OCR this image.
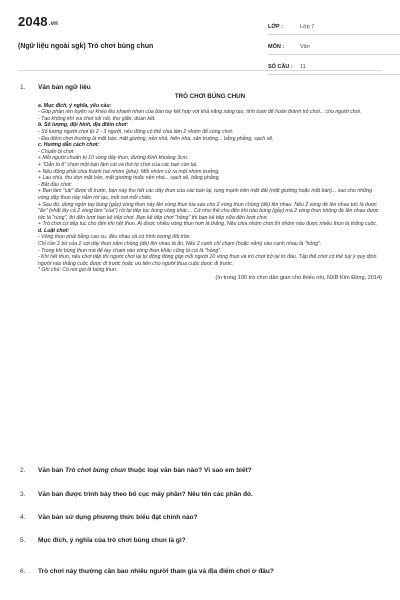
2048.vn
(Ngữ liệu ngoài sgk) Trò chơi bùng chun
LỚP :	Lớp 7
MÔN :	Văn
SỐ CÂU :	11
1. Văn bản ngữ liệu
TRÒ CHƠI BÚNG CHUN
a. Mục đích, ý nghĩa, yêu cầu:
- Góp phần rèn luyện sự khéo léo nhanh nhẹn của bàn tay kết hợp với khả năng sáng tạo, tính toán để hoàn thành trò chơi... cho người chơi.
- Tạo không khí vui chơi sôi nổi, thư giãn, đoàn kết.
b. Số lượng, đội hình, địa điểm chơi:
- Số lượng người chơi từ 2 - 3 người, nếu đông có thể chia làm 2 nhóm để cùng chơi.
- Địa điểm chơi thường là mặt bàn, mặt giường, nền nhà, hiên nhà, sân trường... bằng phẳng, sạch sẽ.
c. Hướng dẫn cách chơi:
- Chuẩn bị chơi:
+ Mỗi người chuẩn bị 10 vòng dây thun, đường kính khoảng 3cm.
+ "Oẳn tù tì" chọn một bạn làm cái và thứ tự chơi của các bạn còn lại.
+ Nếu đông phải chia thành hai nhóm (phe). Mỗi nhóm cử ra một nhóm trưởng.
+ Lau chùi, thu dọn mặt bàn, mặt giường hoặc nền nhà... sạch sẽ, bằng phẳng.
- Bắt đầu chơi:
+ Bạn làm "cái" được đi trước, bạn này thu hết các dây thun của các bạn lại, tung mạnh trên mặt đất (mặt giường hoặc mặt bàn)... sao cho những vòng dây thun này nằm rời rạc, mỗi nơi mỗi chiếc.
+ Sau đó, dùng ngón tay búng (gảy) vòng thun này lên vòng thun kia sao cho 2 vòng thun chồng (đè) lên nhau. Nếu 2 vòng đè lên nhau tức là được "ăn" (nhặt lấy cả 2 vòng làm "của") rồi lại tiếp tục búng vòng khác... Cứ như thế cho đến khi nào búng (gảy) mà 2 vòng thun không đè lên nhau được tức là "rùng", thì đến lượt bạn kế tiếp chơi. Bạn kế tiếp chơi "hỏng" thì bạn kế tiếp nữa đến lượt chơi.
+ Trò chơi cứ tiếp tục cho đến khi hết thun. Ai được nhiều vòng thun hơn là thắng. Nếu chia nhóm chơi thì nhóm nào được nhiều thun là thắng cuộc.
d. Luật chơi:
- Vòng thun phải bằng cao su, đều nhau và có hình tương đối tròn.
Chỉ cần 2 bờ của 2 sợi dây thun nằm chồng (đè) lên nhau là ăn. Nếu 2 cạnh chỉ chạm (hoặc nằm) vào cạnh nhau là "hỏng".
- Trong khi búng thun mà để tay chạm vào vòng thun khác cũng bị coi là "hỏng".
- Khi hết thun, nếu chơi tiếp thì người chơi lại tự động đóng góp mỗi người 10 vòng thun và trò chơi trở lại từ đầu. Tập thể chơi có thể tuỳ ý quy định người nào thắng cuộc được đi trước hoặc ưu tiên cho người thua cuộc được đi trước.
* Ghi chú: Có nơi gọi là búng thun.
(In trong 100 trò chơi dân gian cho thiếu nhi, NXB Kim Đồng, 2014)
2. Văn bản Trò chơi bùng chun thuộc loại văn bản nào? Vì sao em biết?
3. Văn bản được trình bày theo bố cục mấy phần? Nêu tên các phần đó.
4. Văn bản sử dụng phương thức biểu đạt chính nào?
5. Mục đích, ý nghĩa của trò chơi bùng chun là gì?
6. Trò chơi này thường cần bao nhiêu người tham gia và địa điểm chơi ở đâu?
